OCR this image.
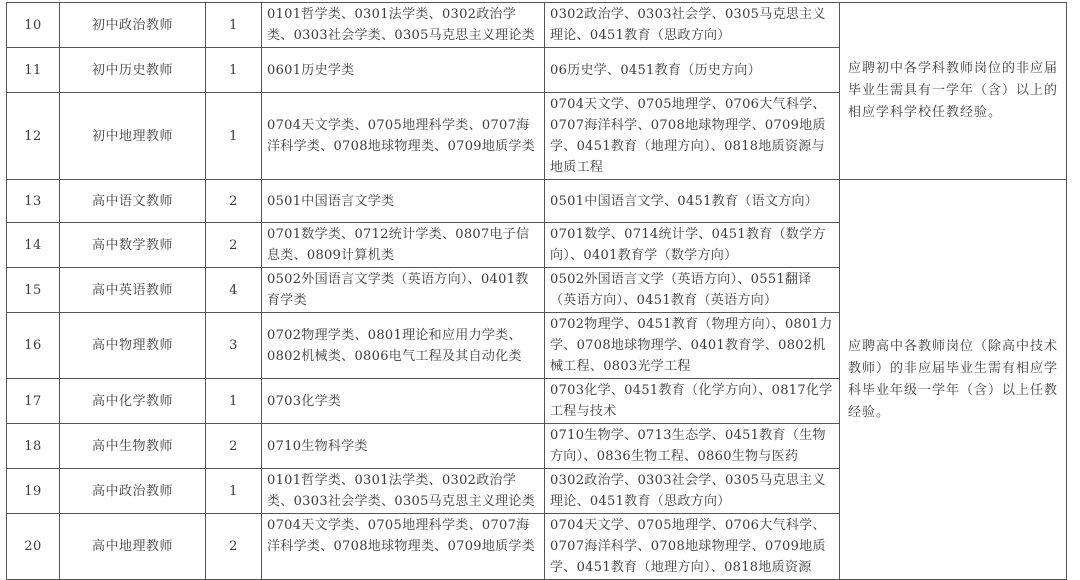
10	初中政治教师	1	0101哲学类、0301法学类、0302政治学类、0303社会学类、0305马克思主义理论类	0302政治学、0303社会学、0305马克思主义理论、0451教育（思政方向）	应聘初中各学科教师岗位的非应届毕业生需具有一学年（含）以上的相应学科学校任教经验。
11	初中历史教师	1	0601历史学类	06历史学、0451教育（历史方向）	
12	初中地理教师	1	0704天文学类、0705地理科学类、0707海洋科学类、0708地球物理类、0709地质学类	0704天文学、0705地理学、0706大气科学、0707海洋科学、0708地球物理学、0709地质学、0451教育（地理方向）、0818地质资源与地质工程	
13	高中语文教师	2	0501中国语言文学类	0501中国语言文学、0451教育（语文方向）	应聘高中各教师岗位（除高中技术教师）的非应届毕业生需有相应学科毕业年级一学年（含）以上任教经验。
14	高中数学教师	2	0701数学类、0712统计学类、0807电子信息类、0809计算机类	0701数学、0714统计学、0451教育（数学方向）、0401教育学（数学方向）	
15	高中英语教师	4	0502外国语言文学类（英语方向）、0401教育学类	0502外国语言文学（英语方向）、0551翻译（英语方向）、0451教育（英语方向）	
16	高中物理教师	3	0702物理学类、0801理论和应用力学类、0802机械类、0806电气工程及其自动化类	0702物理学、0451教育（物理方向）、0801力学、0708地球物理学、0401教育学、0802机械工程、0803光学工程	
17	高中化学教师	1	0703化学类	0703化学、0451教育（化学方向）、0817化学工程与技术	
18	高中生物教师	2	0710生物科学类	0710生物学、0713生态学、0451教育（生物方向）、0836生物工程、0860生物与医药	
19	高中政治教师	1	0101哲学类、0301法学类、0302政治学类、0303社会学类、0305马克思主义理论类	0302政治学、0303社会学、0305马克思主义理论、0451教育（思政方向）	
20	高中地理教师	2	0704天文学类、0705地理科学类、0707海洋科学类、0708地球物理类、0709地质学类	0704天文学、0705地理学、0706大气科学、0707海洋科学、0708地球物理学、0709地质学、0451教育（地理方向）、0818地质资源	
